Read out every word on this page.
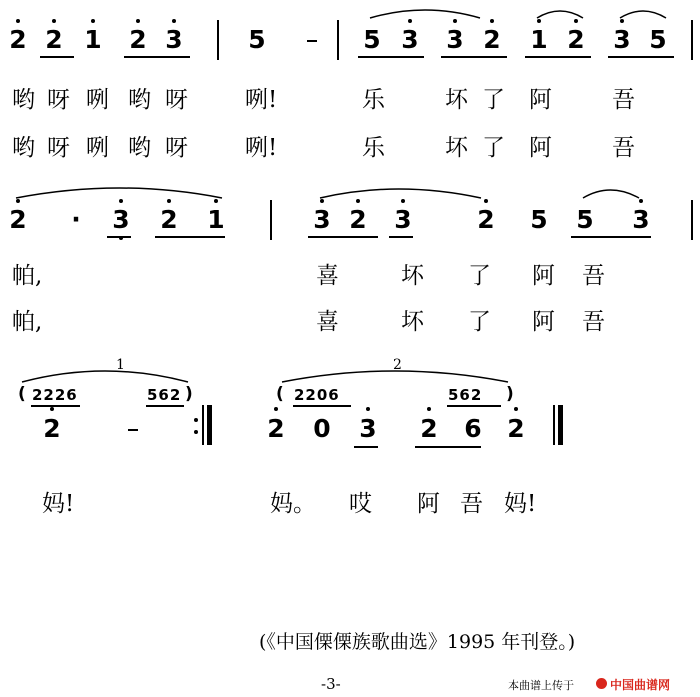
2 2 1 2 3	5	5 3 3 2 1 2 3 5
哟 呀 咧 哟 呀 咧!	乐	坏 了 阿	吾
哟 呀 咧 哟 呀 咧!	乐	坏 了 阿	吾
2 · 3 2 1	3 2 3	2 5 5 3
帕,	喜	坏 了 阿 吾
帕,	喜	坏 了 阿 吾
1	2
( 2226	562 )	( 2206	562 )
2	2 0 3 2 6 2
妈!	妈。 哎 阿 吾 妈!
(《中国傈傈族歌曲选》1995 年刊登。)
-3-	本曲谱上传于	中国曲谱网
